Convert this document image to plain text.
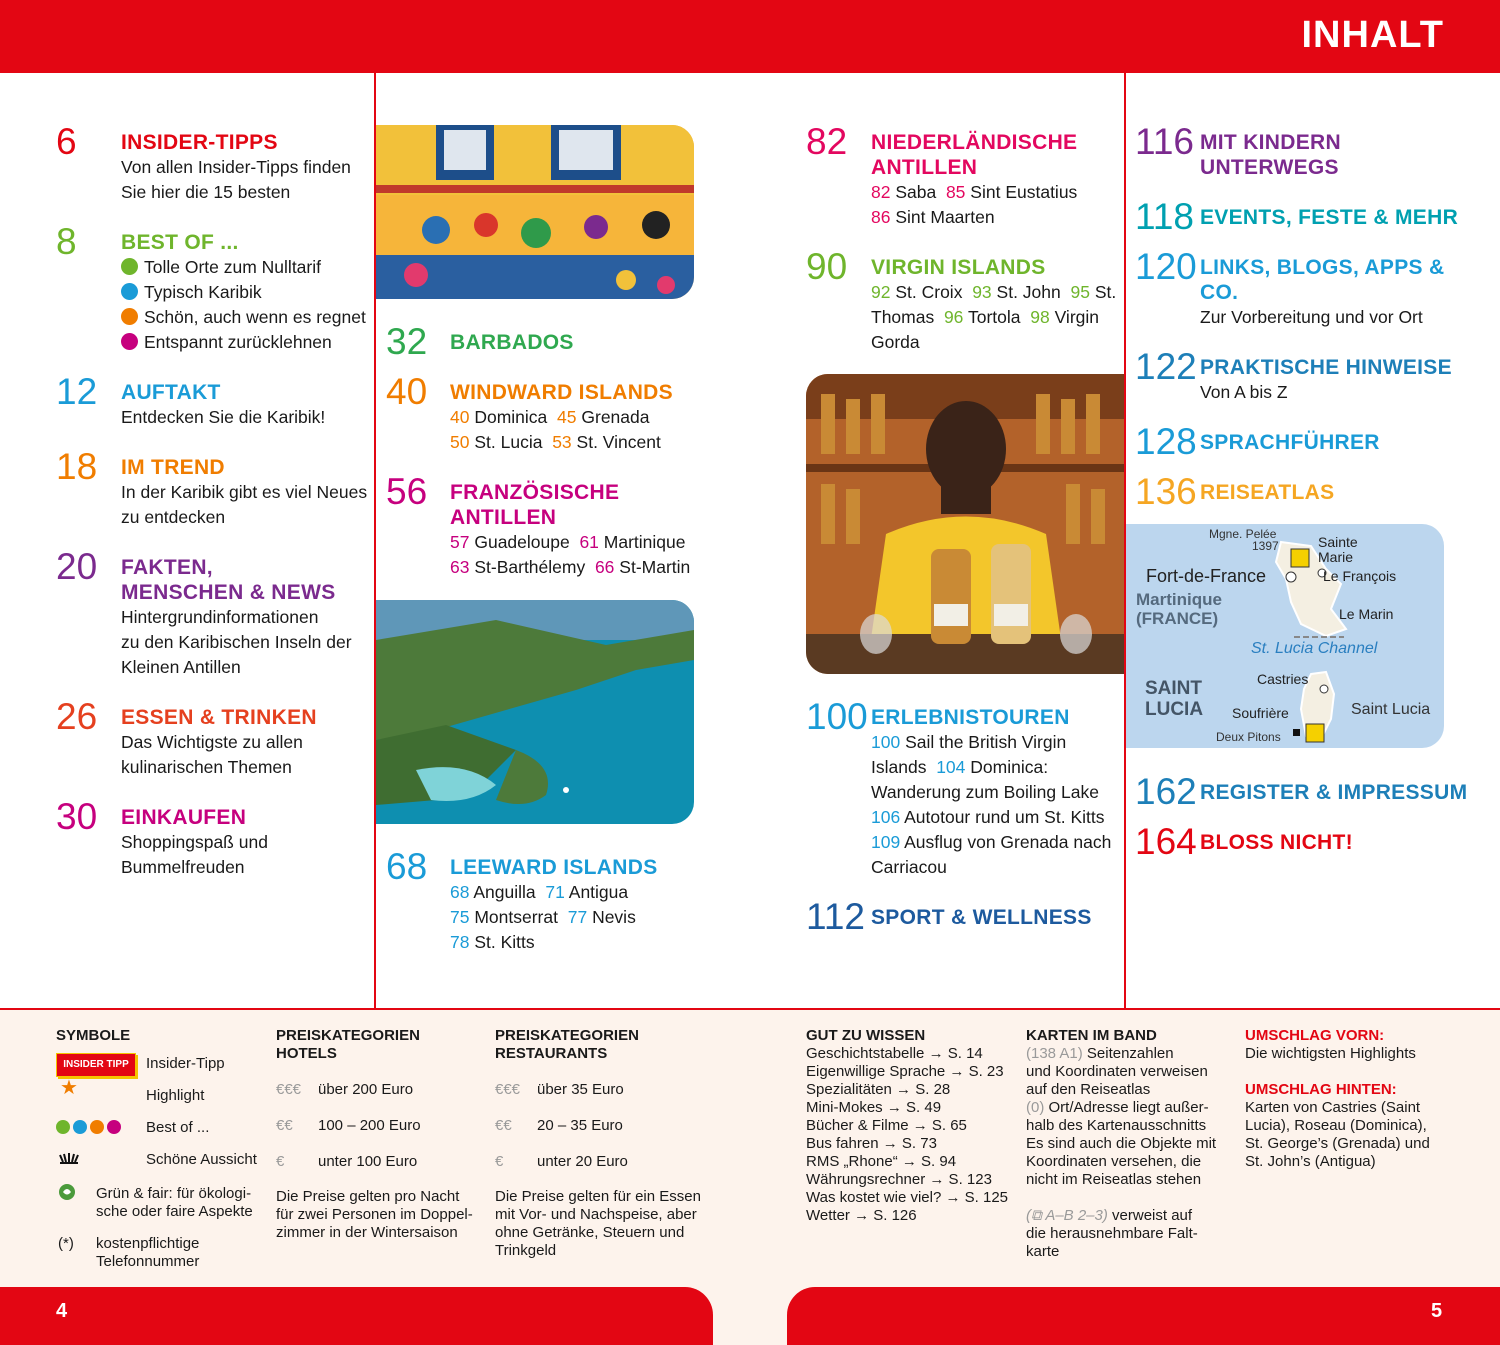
INHALT
6 INSIDER-TIPPS
Von allen Insider-Tipps finden
Sie hier die 15 besten
8 BEST OF ...
Tolle Orte zum Nulltarif
Typisch Karibik
Schön, auch wenn es regnet
Entspannt zurücklehnen
12 AUFTAKT
Entdecken Sie die Karibik!
18 IM TREND
In der Karibik gibt es viel Neues
zu entdecken
20 FAKTEN,
MENSCHEN & NEWS
Hintergrundinformationen
zu den Karibischen Inseln der
Kleinen Antillen
26 ESSEN & TRINKEN
Das Wichtigste zu allen
kulinarischen Themen
30 EINKAUFEN
Shoppingspaß und
Bummelfreuden
32 BARBADOS
40 WINDWARD ISLANDS
40 Dominica 45 Grenada
50 St. Lucia 53 St. Vincent
56 FRANZÖSISCHE
ANTILLEN
57 Guadeloupe 61 Martinique
63 St-Barthélemy 66 St-Martin
68 LEEWARD ISLANDS
68 Anguilla 71 Antigua
75 Montserrat 77 Nevis
78 St. Kitts
82 NIEDERLÄNDISCHE
ANTILLEN
82 Saba 85 Sint Eustatius
86 Sint Maarten
90 VIRGIN ISLANDS
92 St. Croix 93 St. John 95 St.
Thomas 96 Tortola 98 Virgin
Gorda
100 ERLEBNISTOUREN
100 Sail the British Virgin
Islands 104 Dominica:
Wanderung zum Boiling Lake
106 Autotour rund um St. Kitts
109 Ausflug von Grenada nach
Carriacou
112 SPORT & WELLNESS
116 MIT KINDERN
UNTERWEGS
118 EVENTS, FESTE & MEHR
120 LINKS, BLOGS, APPS &
CO.
Zur Vorbereitung und vor Ort
122 PRAKTISCHE HINWEISE
Von A bis Z
128 SPRACHFÜHRER
136 REISEATLAS
Mgne. Pelée
1397	Sainte
Marie
Fort-de-France	Le François
Martinique
(FRANCE)	Le Marin
St. Lucia Channel
SAINT
LUCIA
Castries
Soufrière	Saint Lucia
Deux Pitons
162 REGISTER & IMPRESSUM
164 BLOSS NICHT!
SYMBOLE
INSIDER TIPP Insider-Tipp
★	Highlight
Best of ...
Schöne Aussicht
Grün & fair: für ökologi-
sche oder faire Aspekte
(*) kostenpflichtige
Telefonnummer
PREISKATEGORIEN
HOTELS
€€€ über 200 Euro
€€ 100 – 200 Euro
€ unter 100 Euro
Die Preise gelten pro Nacht
für zwei Personen im Doppel-
zimmer in der Wintersaison
PREISKATEGORIEN
RESTAURANTS
€€€ über 35 Euro
€€ 20 – 35 Euro
€ unter 20 Euro
Die Preise gelten für ein Essen
mit Vor- und Nachspeise, aber
ohne Getränke, Steuern und
Trinkgeld
GUT ZU WISSEN
Geschichtstabelle → S. 14
Eigenwillige Sprache → S. 23
Spezialitäten → S. 28
Mini-Mokes → S. 49
Bücher & Filme → S. 65
Bus fahren → S. 73
RMS „Rhone“ → S. 94
Währungsrechner → S. 123
Was kostet wie viel? → S. 125
Wetter → S. 126
KARTEN IM BAND
(138 A1) Seitenzahlen
und Koordinaten verweisen
auf den Reiseatlas
(0) Ort/Adresse liegt außer-
halb des Kartenausschnitts
Es sind auch die Objekte mit
Koordinaten versehen, die
nicht im Reiseatlas stehen
(⧉ A–B 2–3) verweist auf
die herausnehmbare Falt-
karte
UMSCHLAG VORN:
Die wichtigsten Highlights
UMSCHLAG HINTEN:
Karten von Castries (Saint
Lucia), Roseau (Dominica),
St. George’s (Grenada) und
St. John’s (Antigua)
4	5
